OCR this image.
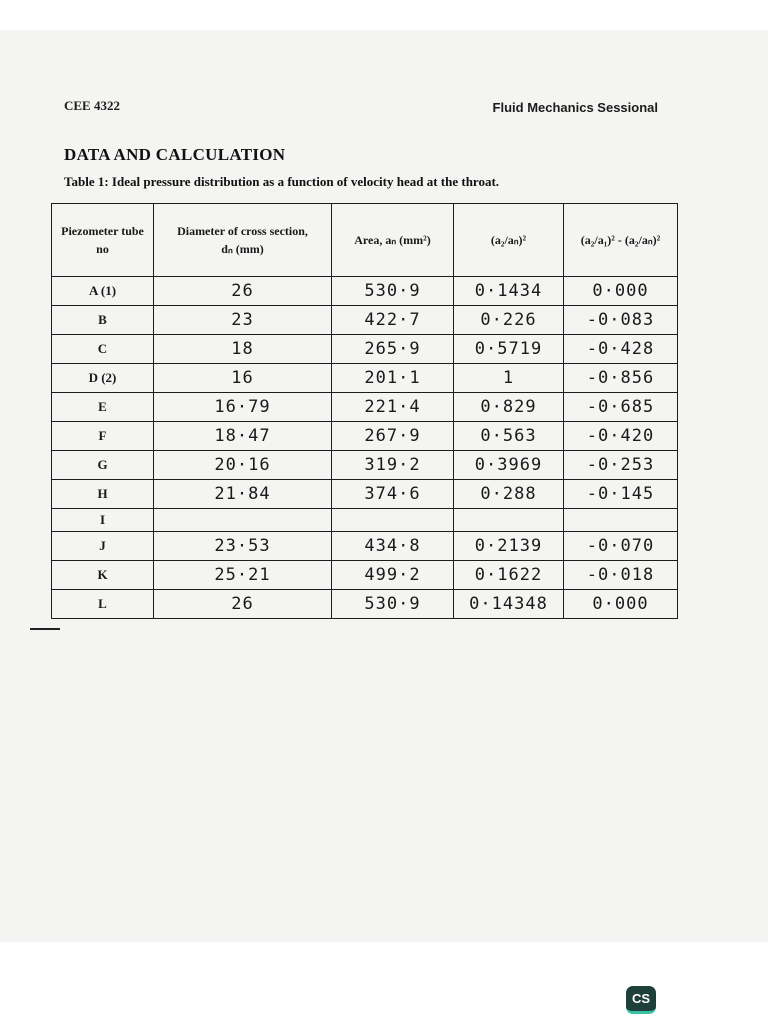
CEE 4322	Fluid Mechanics Sessional
DATA AND CALCULATION
Table 1: Ideal pressure distribution as a function of velocity head at the throat.
Piezometer tube no	Diameter of cross section, dₙ (mm)	Area, aₙ (mm²)	(a₂/aₙ)²	(a₂/a₁)² - (a₂/aₙ)²

A (1)	26	530·9	0·1434	0·000
B	23	422·7	0·226	-0·083
C	18	265·9	0·5719	-0·428
D (2)	16	201·1	1	-0·856
E	16·79	221·4	0·829	-0·685
F	18·47	267·9	0·563	-0·420
G	20·16	319·2	0·3969	-0·253
H	21·84	374·6	0·288	-0·145
I				
J	23·53	434·8	0·2139	-0·070
K	25·21	499·2	0·1622	-0·018
L	26	530·9	0·14348	0·000
CS
